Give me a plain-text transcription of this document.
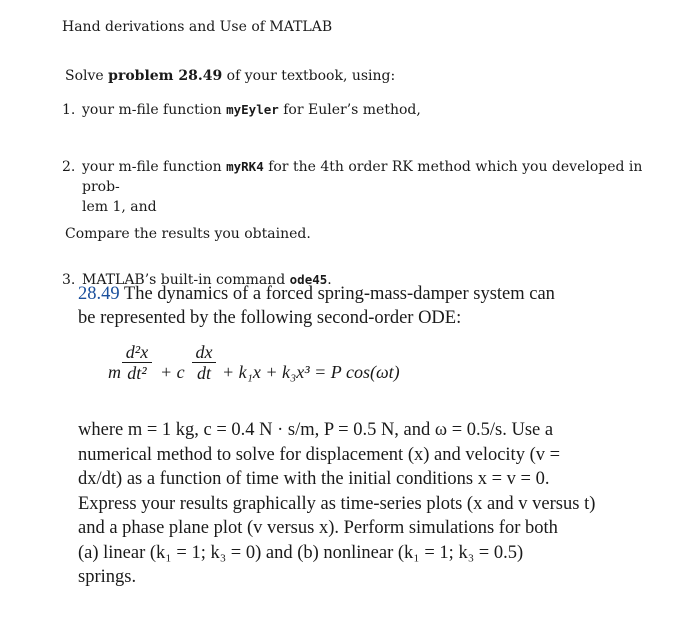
Hand derivations and Use of MATLAB
Solve problem 28.49 of your textbook, using:
1. your m-file function myEyler for Euler’s method,
2. your m-file function myRK4 for the 4th order RK method which you developed in prob-
lem 1, and
3. MATLAB’s built-in command ode45.
Compare the results you obtained.
28.49 The dynamics of a forced spring-mass-damper system can
be represented by the following second-order ODE:
m $\frac{\text{d²x}}{\text{dt²}} + c \frac{dx}{dt} + k_1x + k_3x^3 = P$ cos(ωt)
where m = 1 kg, c = 0.4 N · s/m, P = 0.5 N, and ω = 0.5/s. Use a
numerical method to solve for displacement (x) and velocity (v =
dx/dt) as a function of time with the initial conditions x = v = 0.
Express your results graphically as time-series plots (x and v versus t)
and a phase plane plot (v versus x). Perform simulations for both
(a) linear (k₁ = 1; k₃ = 0) and (b) nonlinear (k₁ = 1; k₃ = 0.5)
springs.
